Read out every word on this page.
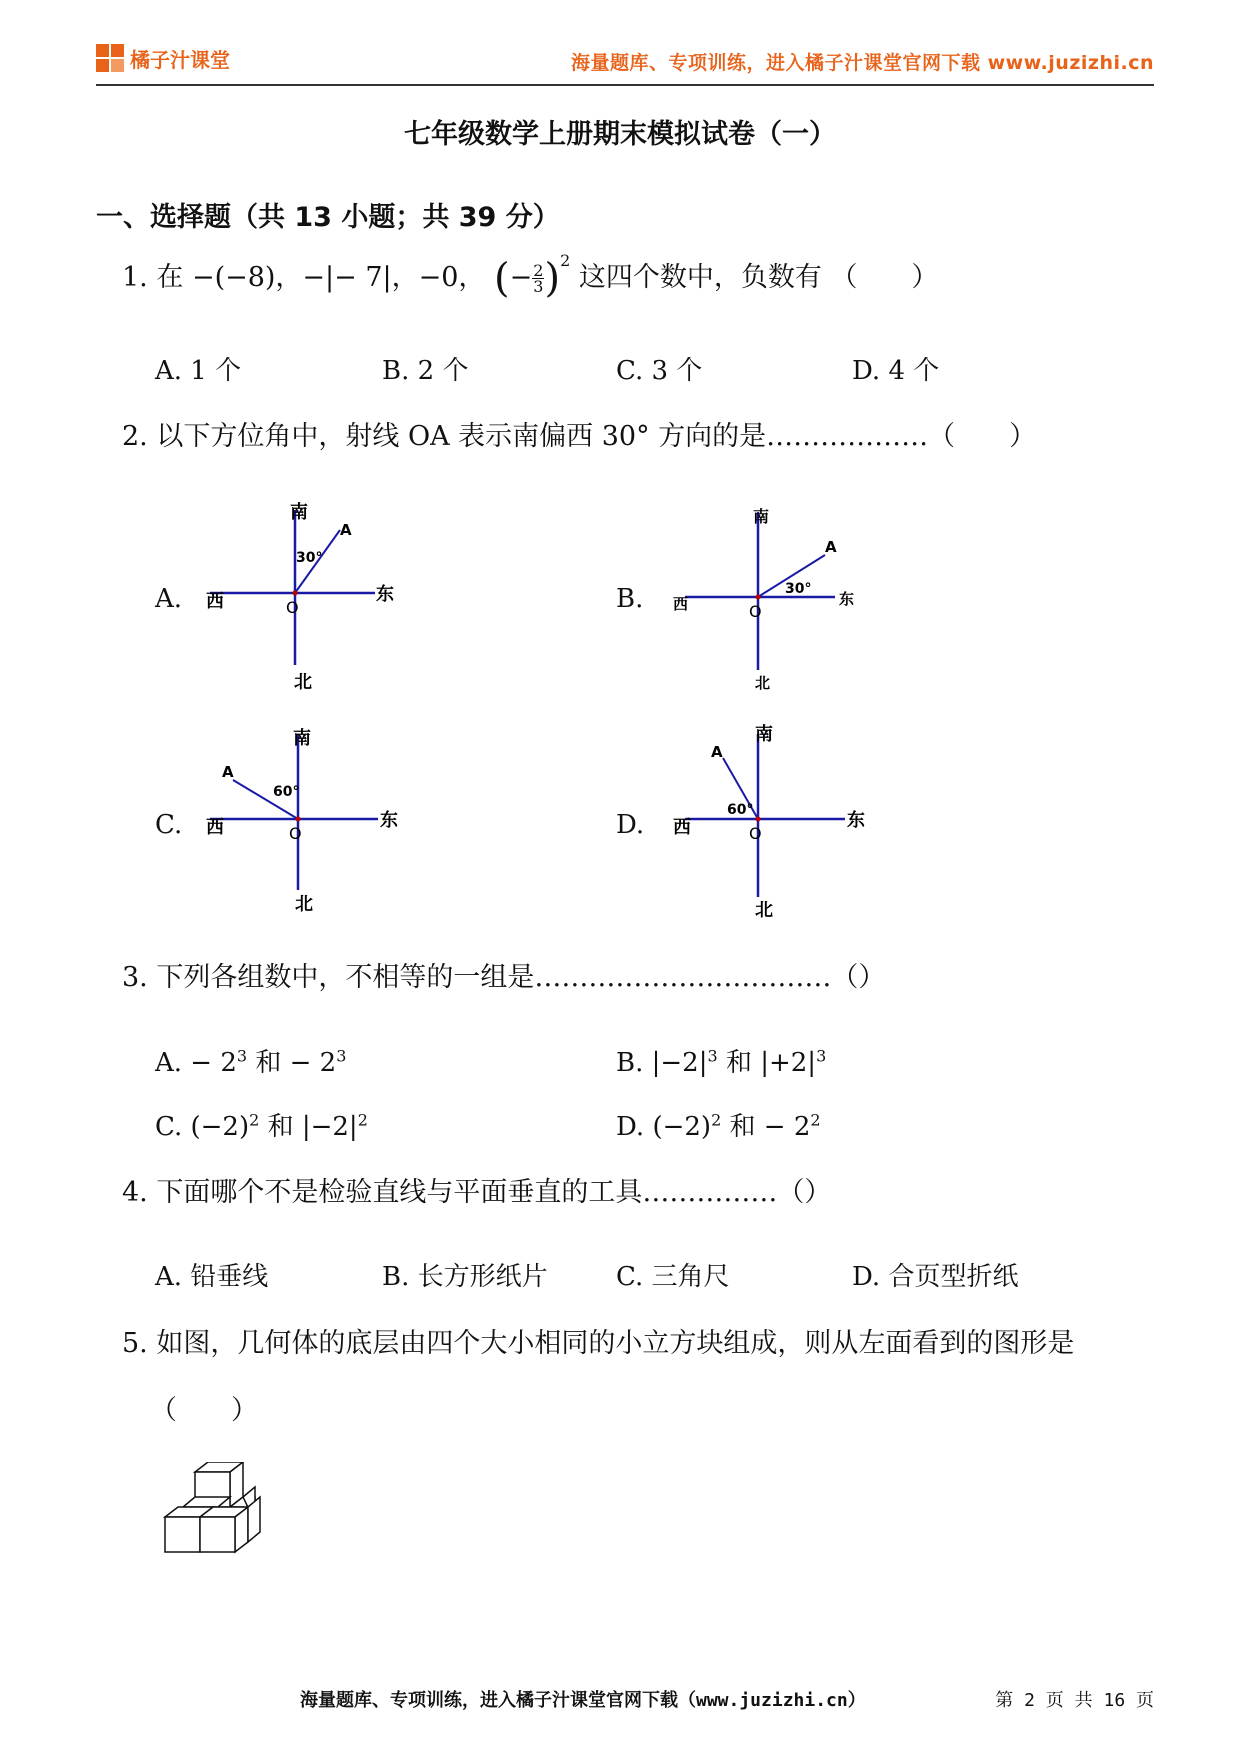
橘子汁课堂	海量题库、专项训练，进入橘子汁课堂官网下载 www.juzizhi.cn
七年级数学上册期末模拟试卷（一）
一、选择题（共 13 小题；共 39 分）
1. 在 −(−8)，−|− 7|，−0， (− $\frac{2}{3} )^2$ 这四个数中，负数有 （　　）
A. 1 个	B. 2 个	C. 3 个	D. 4 个
2. 以下方位角中，射线 OA 表示南偏西 30° 方向的是………………（　　）
A.	B.
C.	D.
南
A
30°
西	东
O
北
南
A
30°
西	东
O
北
南
A
60°
西	东
O
北
南
A
60°
西	东
O
北
3. 下列各组数中，不相等的一组是……………………………（）
A. − $2^3$ 和 − $2^3$	B. $|-2|^3$ 和 $|+2|^3$
C. $(-2)^2$ 和 $|-2|^2$	D. $(-2)^2$ 和 − $2^2$
4. 下面哪个不是检验直线与平面垂直的工具……………（）
A. 铅垂线	B. 长方形纸片	C. 三角尺	D. 合页型折纸
5. 如图，几何体的底层由四个大小相同的小立方块组成，则从左面看到的图形是
（　　）
海量题库、专项训练，进入橘子汁课堂官网下载（www.juzizhi.cn）	第 2 页 共 16 页
